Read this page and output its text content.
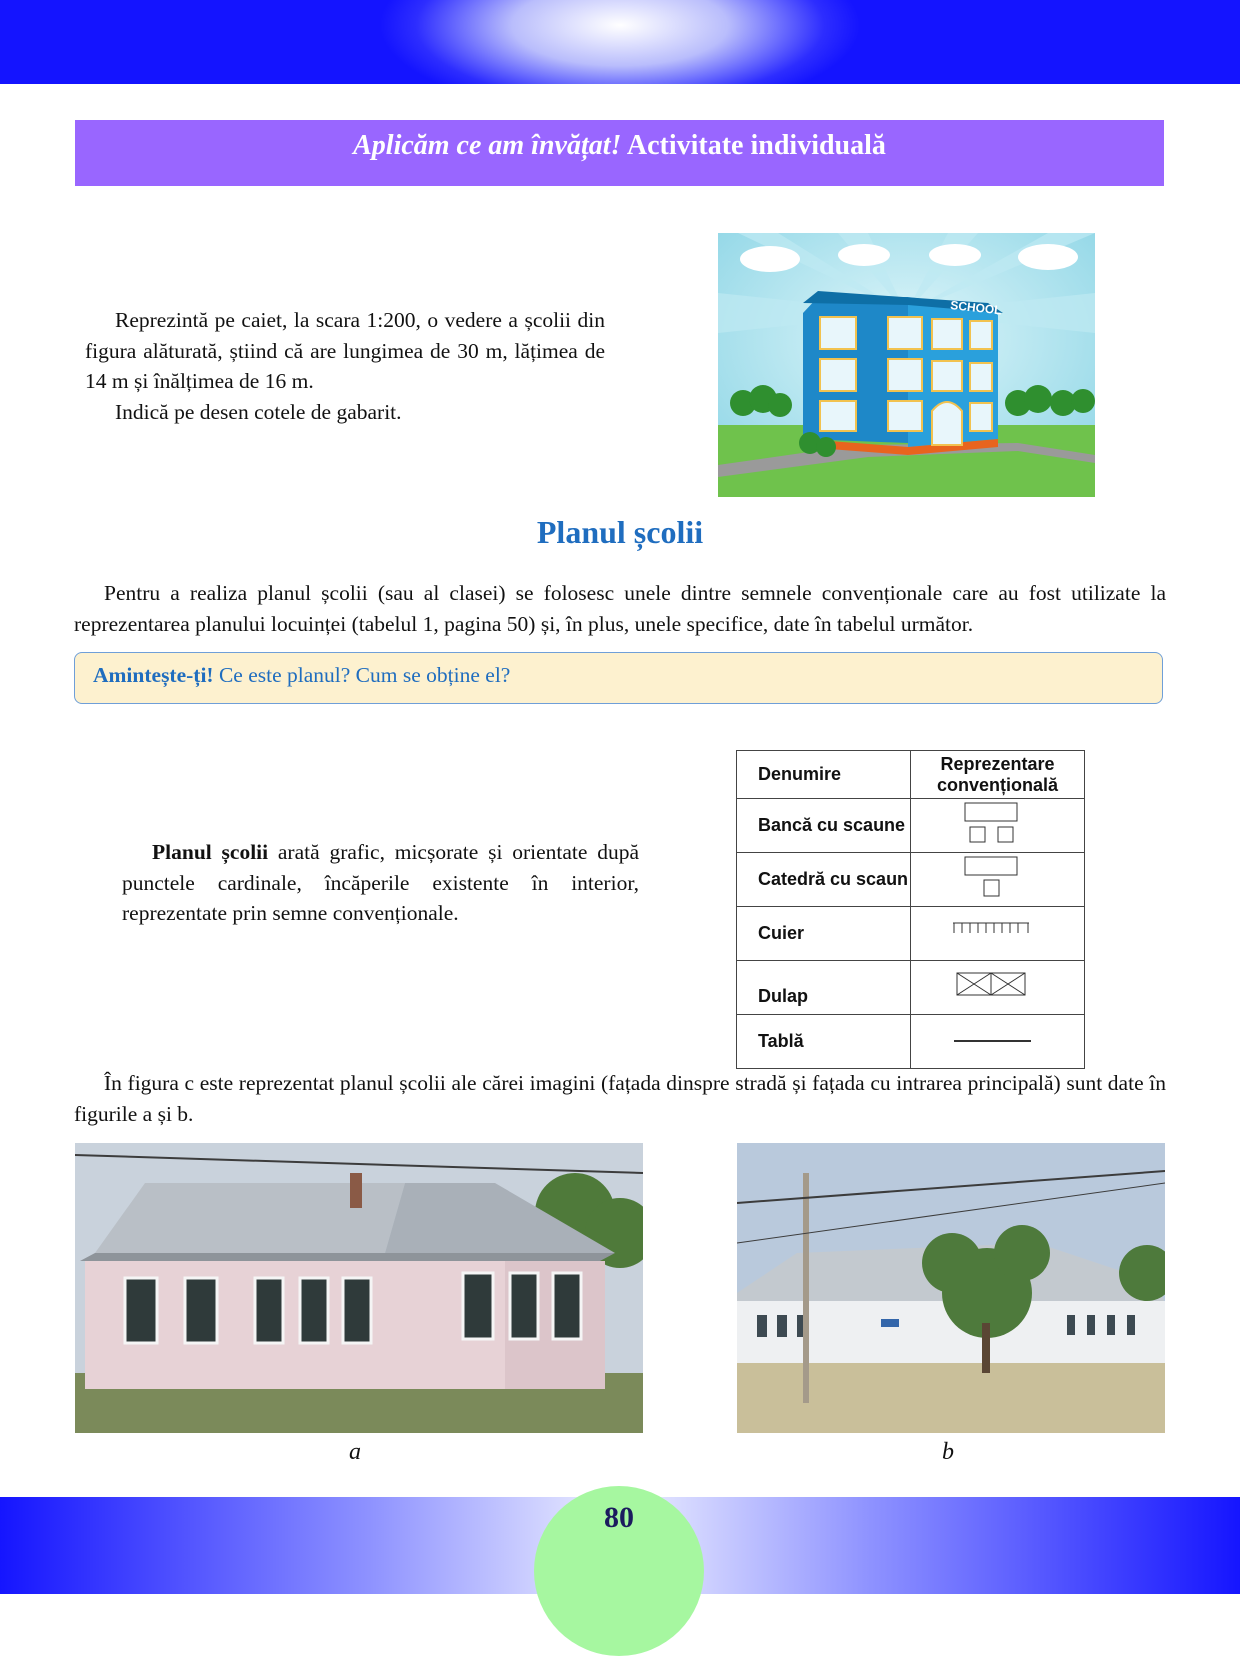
Aplicăm ce am învățat! Activitate individuală

Reprezintă pe caiet, la scara 1:200, o vedere a școlii din figura alăturată, știind că are lungimea de 30 m, lățimea de 14 m și înălțimea de 16 m.

Indică pe desen cotele de gabarit.

SCHOOL
Planul școlii

Pentru a realiza planul școlii (sau al clasei) se folosesc unele dintre semnele convenționale care au fost utilizate la reprezentarea planului locuinței (tabelul 1, pagina 50) și, în plus, unele specifice, date în tabelul următor.

Amintește-ți! Ce este planul? Cum se obține el?

Planul școlii arată grafic, micșorate și orientate după punctele cardinale, încăperile existente în interior, reprezentate prin semne convenționale.

Denumire	Reprezentare convențională
Bancă cu scaune	
Catedră cu scaun	
Cuier	
Dulap	
Tablă	

În figura c este reprezentat planul școlii ale cărei imagini (fațada dinspre stradă și fațada cu intrarea principală) sunt date în figurile a și b.

a	b
80
